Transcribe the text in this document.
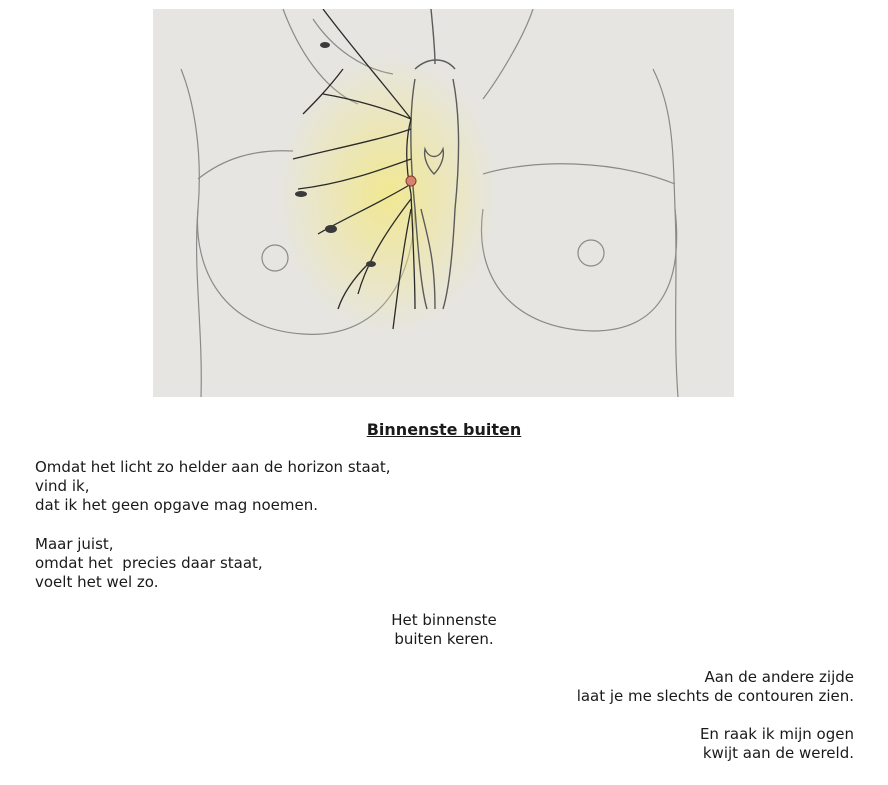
Binnenste buiten
Omdat het licht zo helder aan de horizon staat,
vind ik,
dat ik het geen opgave mag noemen.
Maar juist,
omdat het  precies daar staat,
voelt het wel zo.
Het binnenste
buiten keren.
Aan de andere zijde
laat je me slechts de contouren zien.
En raak ik mijn ogen
kwijt aan de wereld.
